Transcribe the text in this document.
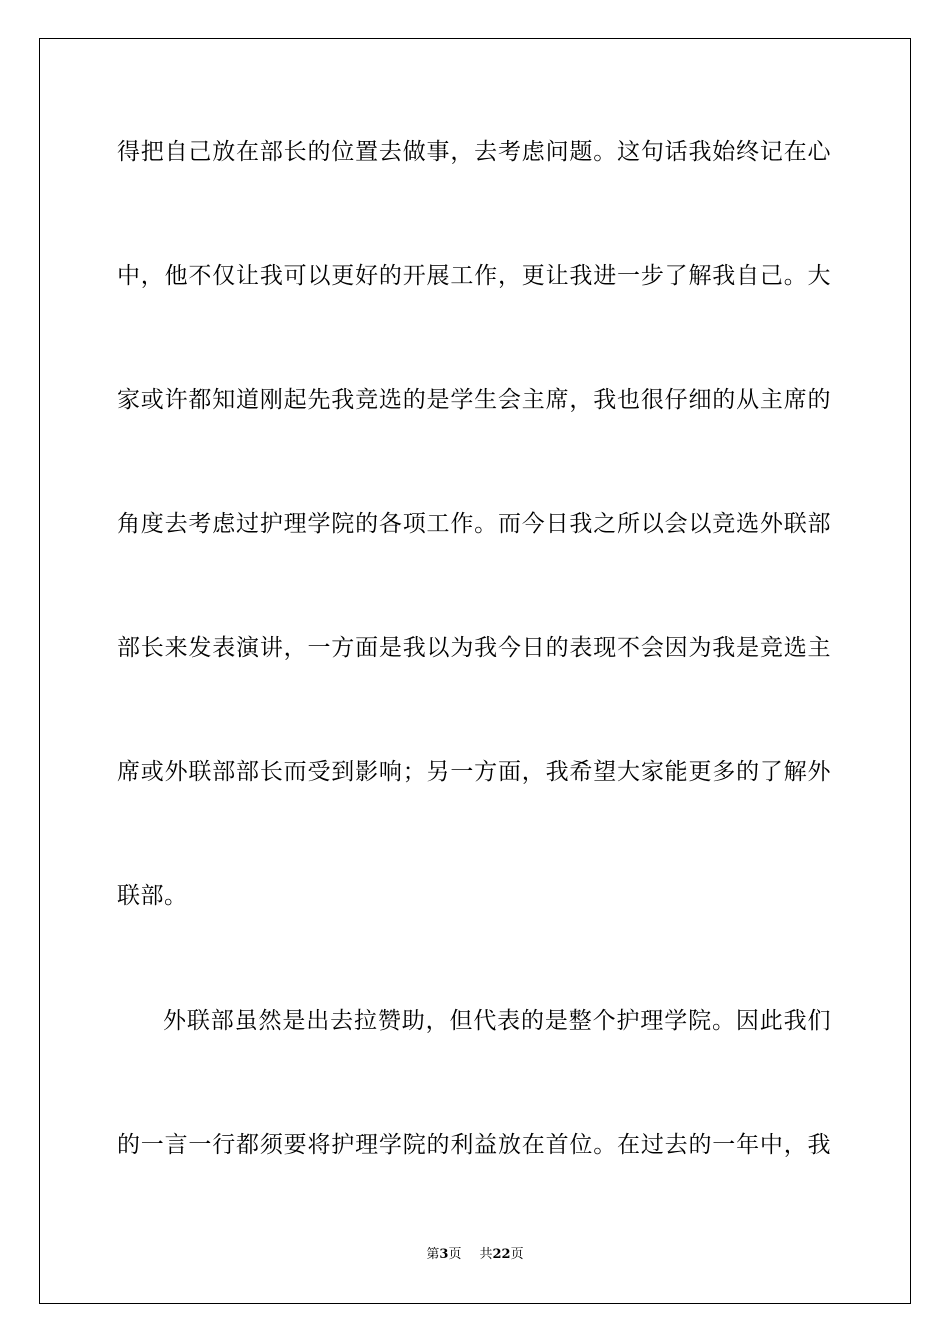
得把自己放在部长的位置去做事，去考虑问题。这句话我始终记在心
中，他不仅让我可以更好的开展工作，更让我进一步了解我自己。大
家或许都知道刚起先我竞选的是学生会主席，我也很仔细的从主席的
角度去考虑过护理学院的各项工作。而今日我之所以会以竞选外联部
部长来发表演讲，一方面是我以为我今日的表现不会因为我是竞选主
席或外联部部长而受到影响；另一方面，我希望大家能更多的了解外
联部。
外联部虽然是出去拉赞助，但代表的是整个护理学院。因此我们
的一言一行都须要将护理学院的利益放在首位。在过去的一年中，我
第3页 共22页
